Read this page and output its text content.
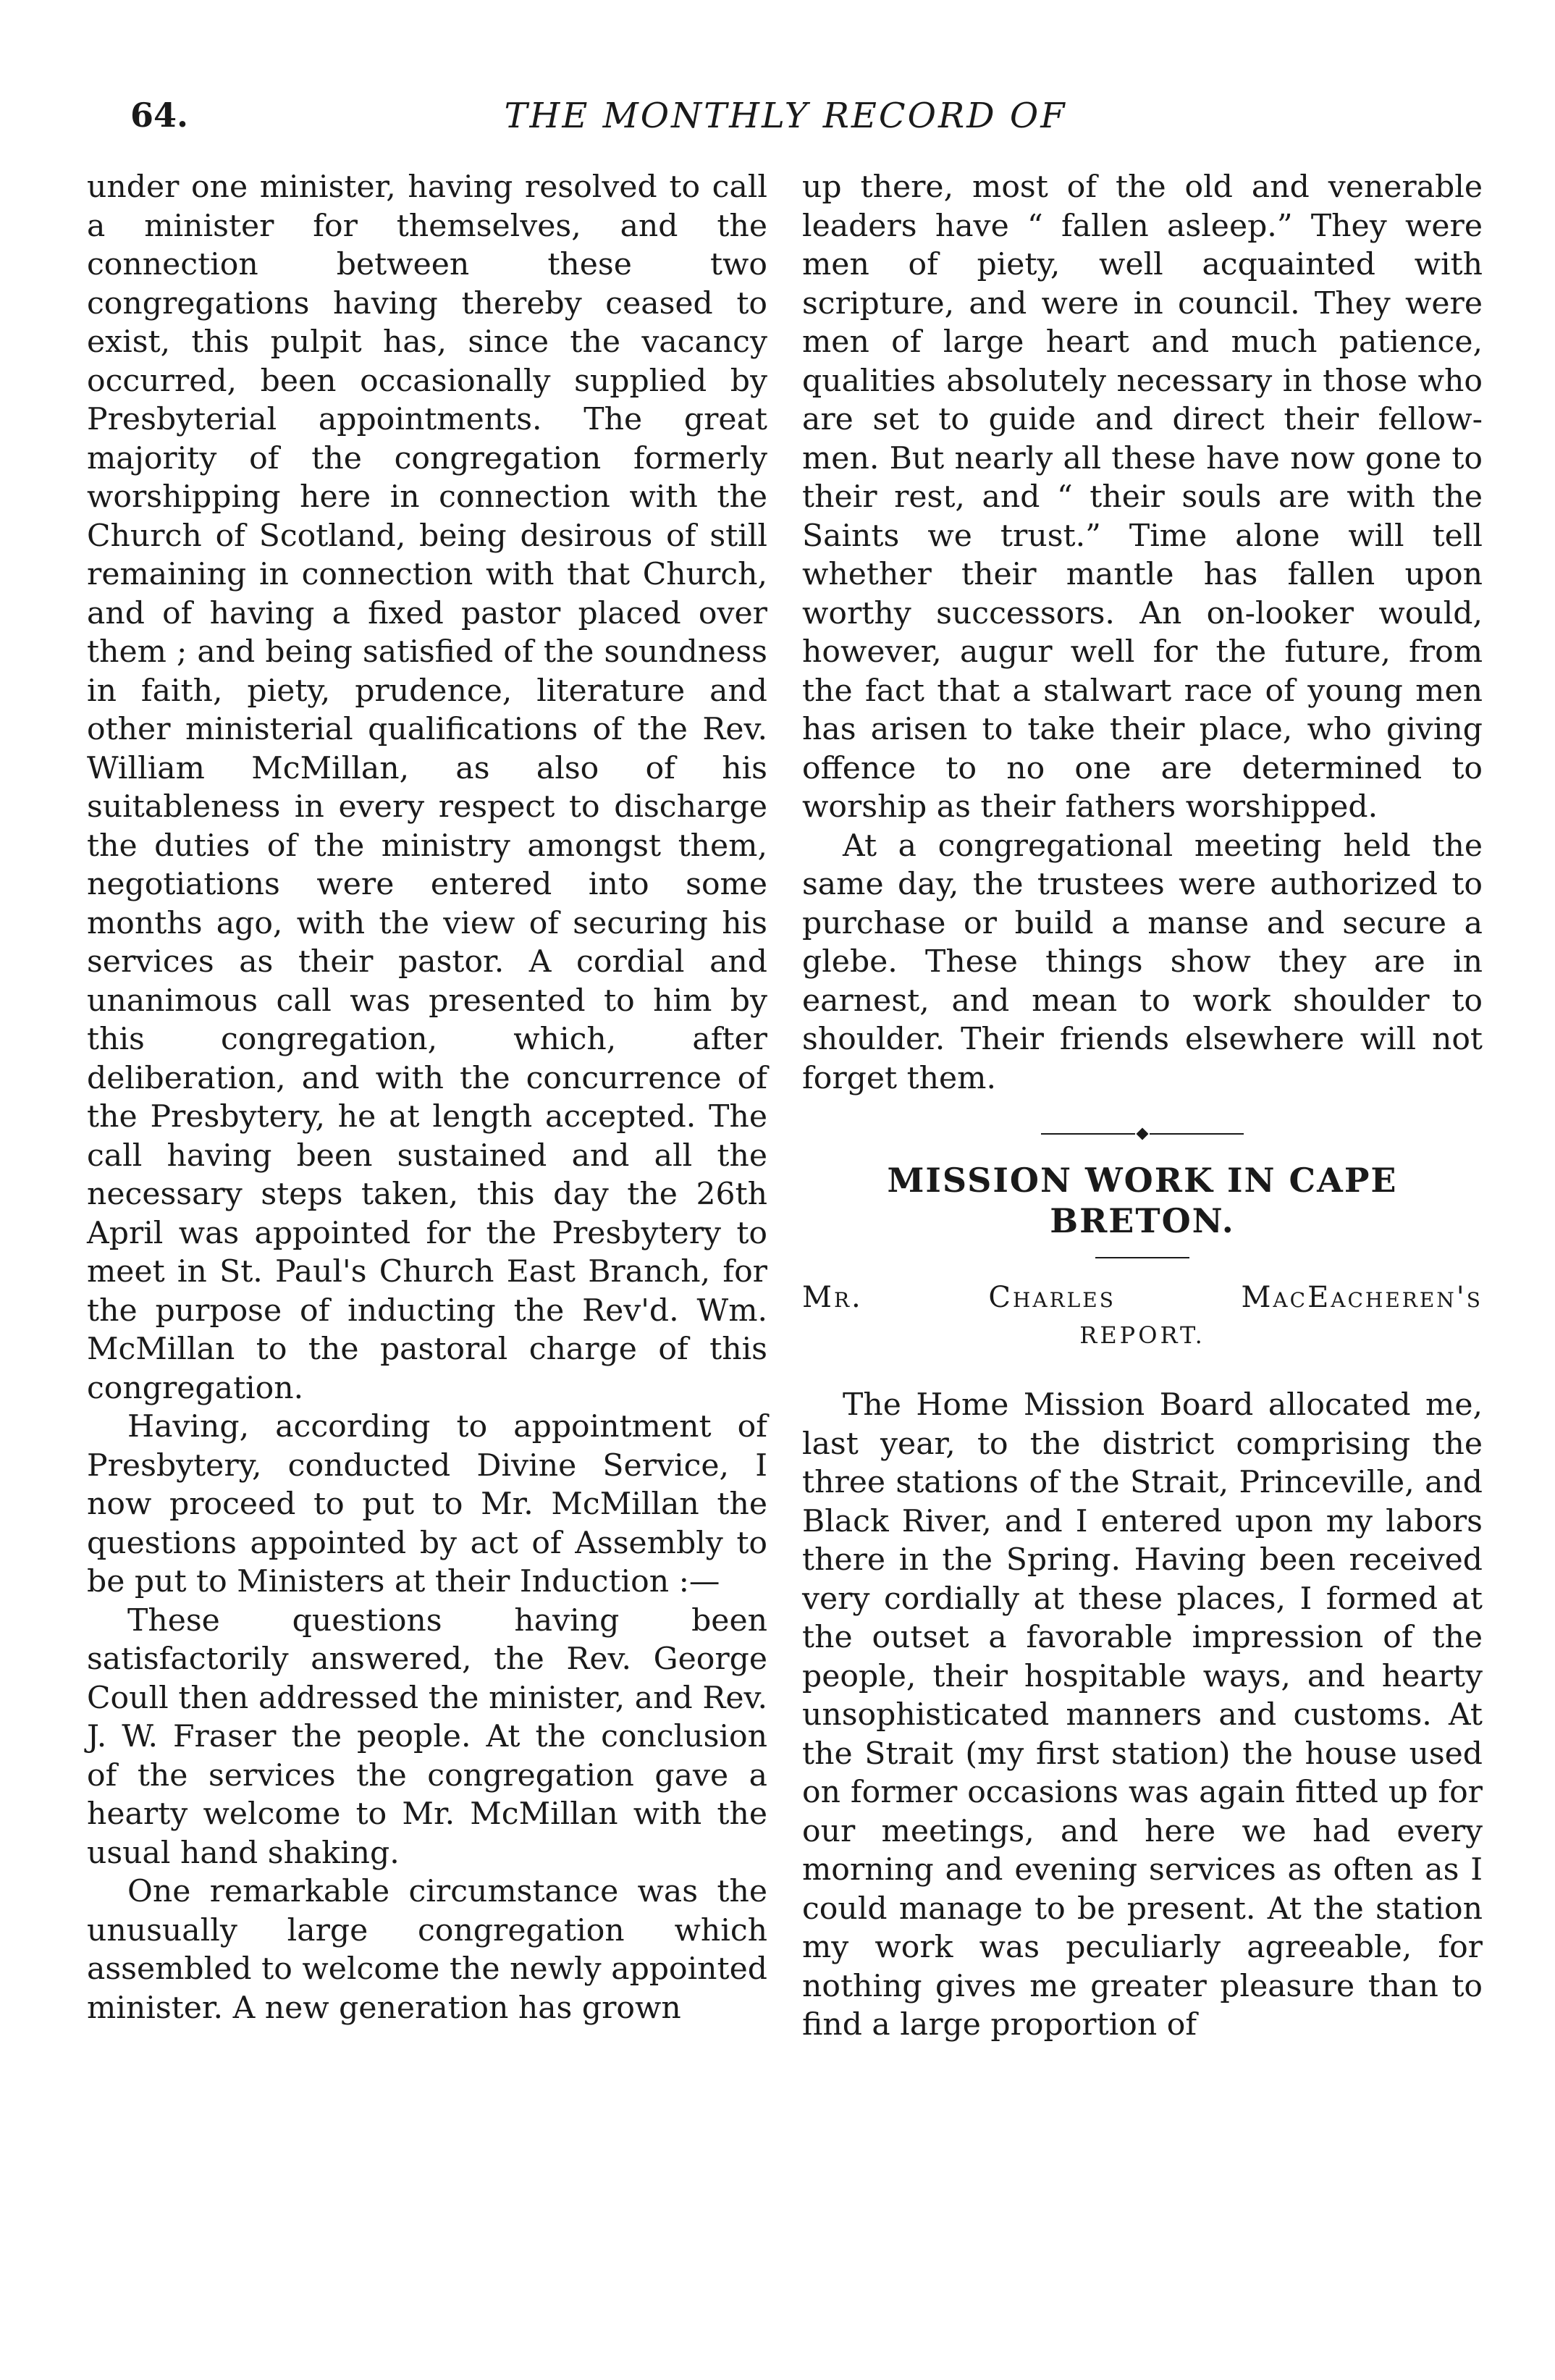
64.	THE MONTHLY RECORD OF

under one minister, having resolved to call a minister for themselves, and the connection between these two congregations having thereby ceased to exist, this pulpit has, since the vacancy occurred, been occasionally supplied by Presbyterial appointments. The great majority of the congregation formerly worshipping here in connection with the Church of Scotland, being desirous of still remaining in connection with that Church, and of having a fixed pastor placed over them ; and being satisfied of the soundness in faith, piety, prudence, literature and other ministerial qualifications of the Rev. William McMillan, as also of his suitableness in every respect to discharge the duties of the ministry amongst them, negotiations were entered into some months ago, with the view of securing his services as their pastor. A cordial and unanimous call was presented to him by this congregation, which, after deliberation, and with the concurrence of the Presbytery, he at length accepted. The call having been sustained and all the necessary steps taken, this day the 26th April was appointed for the Presbytery to meet in St. Paul's Church East Branch, for the purpose of inducting the Rev'd. Wm. McMillan to the pastoral charge of this congregation.

Having, according to appointment of Presbytery, conducted Divine Service, I now proceed to put to Mr. McMillan the questions appointed by act of Assembly to be put to Ministers at their Induction :—

These questions having been satisfactorily answered, the Rev. George Coull then addressed the minister, and Rev. J. W. Fraser the people. At the conclusion of the services the congregation gave a hearty welcome to Mr. McMillan with the usual hand shaking.

One remarkable circumstance was the unusually large congregation which assembled to welcome the newly appointed minister. A new generation has grown

up there, most of the old and venerable leaders have “ fallen asleep.” They were men of piety, well acquainted with scripture, and were in council. They were men of large heart and much patience, qualities absolutely necessary in those who are set to guide and direct their fellow-men. But nearly all these have now gone to their rest, and “ their souls are with the Saints we trust.” Time alone will tell whether their mantle has fallen upon worthy successors. An on-looker would, however, augur well for the future, from the fact that a stalwart race of young men has arisen to take their place, who giving offence to no one are determined to worship as their fathers worshipped.

At a congregational meeting held the same day, the trustees were authorized to purchase or build a manse and secure a glebe. These things show they are in earnest, and mean to work shoulder to shoulder. Their friends elsewhere will not forget them.

MISSION WORK IN CAPE BRETON.
Mr.	Charles	MacEacheren's
REPORT.

The Home Mission Board allocated me, last year, to the district comprising the three stations of the Strait, Princeville, and Black River, and I entered upon my labors there in the Spring. Having been received very cordially at these places, I formed at the outset a favorable impression of the people, their hospitable ways, and hearty unsophisticated manners and customs. At the Strait (my first station) the house used on former occasions was again fitted up for our meetings, and here we had every morning and evening services as often as I could manage to be present. At the station my work was peculiarly agreeable, for nothing gives me greater pleasure than to find a large proportion of
